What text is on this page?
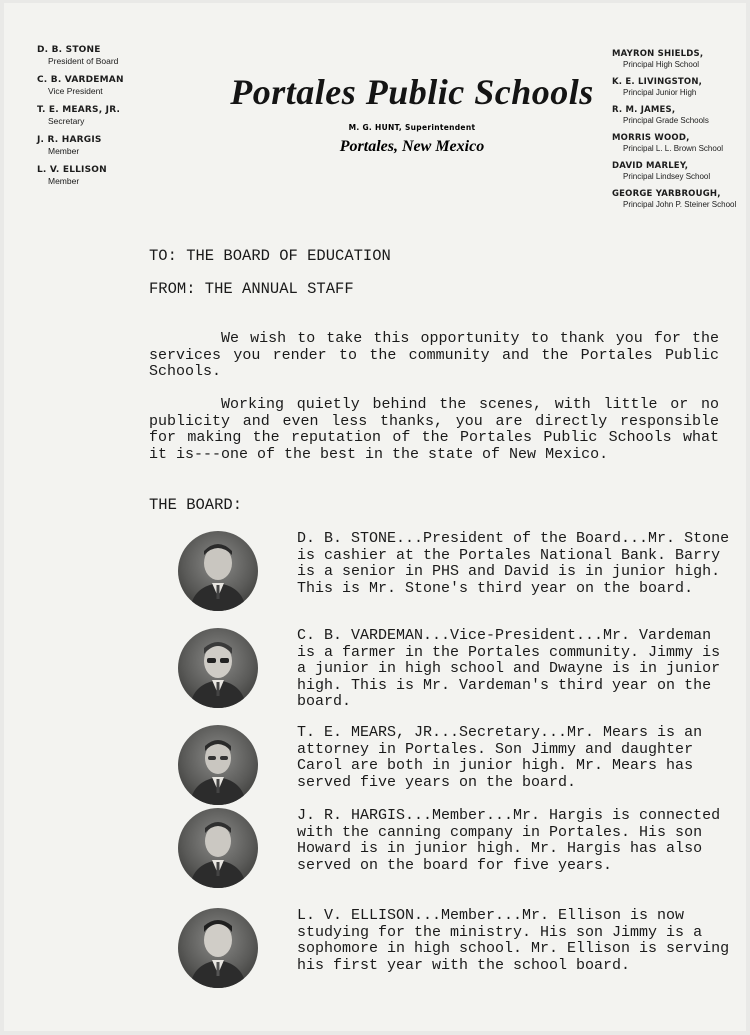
D. B. STONE
President of Board
C. B. VARDEMAN
Vice President
T. E. MEARS, JR.
Secretary
J. R. HARGIS
Member
L. V. ELLISON
Member
Portales Public Schools
M. G. HUNT, Superintendent
Portales, New Mexico
MAYRON SHIELDS,
Principal High School
K. E. LIVINGSTON,
Principal Junior High
R. M. JAMES,
Principal Grade Schools
MORRIS WOOD,
Principal L. L. Brown School
DAVID MARLEY,
Principal Lindsey School
GEORGE YARBROUGH,
Principal John P. Steiner School
TO: THE BOARD OF EDUCATION
FROM: THE ANNUAL STAFF
We wish to take this opportunity to thank you for the services you render to the community and the Portales Public Schools.
Working quietly behind the scenes, with little or no publicity and even less thanks, you are directly responsible for making the reputation of the Portales Public Schools what it is---one of the best in the state of New Mexico.
THE BOARD:
D. B. STONE...President of the Board...Mr. Stone is cashier at the Portales National Bank. Barry is a senior in PHS and David is in junior high. This is Mr. Stone's third year on the board.
C. B. VARDEMAN...Vice-President...Mr. Vardeman is a farmer in the Portales community. Jimmy is a junior in high school and Dwayne is in junior high. This is Mr. Vardeman's third year on the board.
T. E. MEARS, JR...Secretary...Mr. Mears is an attorney in Portales. Son Jimmy and daughter Carol are both in junior high. Mr. Mears has served five years on the board.
J. R. HARGIS...Member...Mr. Hargis is connected with the canning company in Portales. His son Howard is in junior high. Mr. Hargis has also served on the board for five years.
L. V. ELLISON...Member...Mr. Ellison is now studying for the ministry. His son Jimmy is a sophomore in high school. Mr. Ellison is serving his first year with the school board.
